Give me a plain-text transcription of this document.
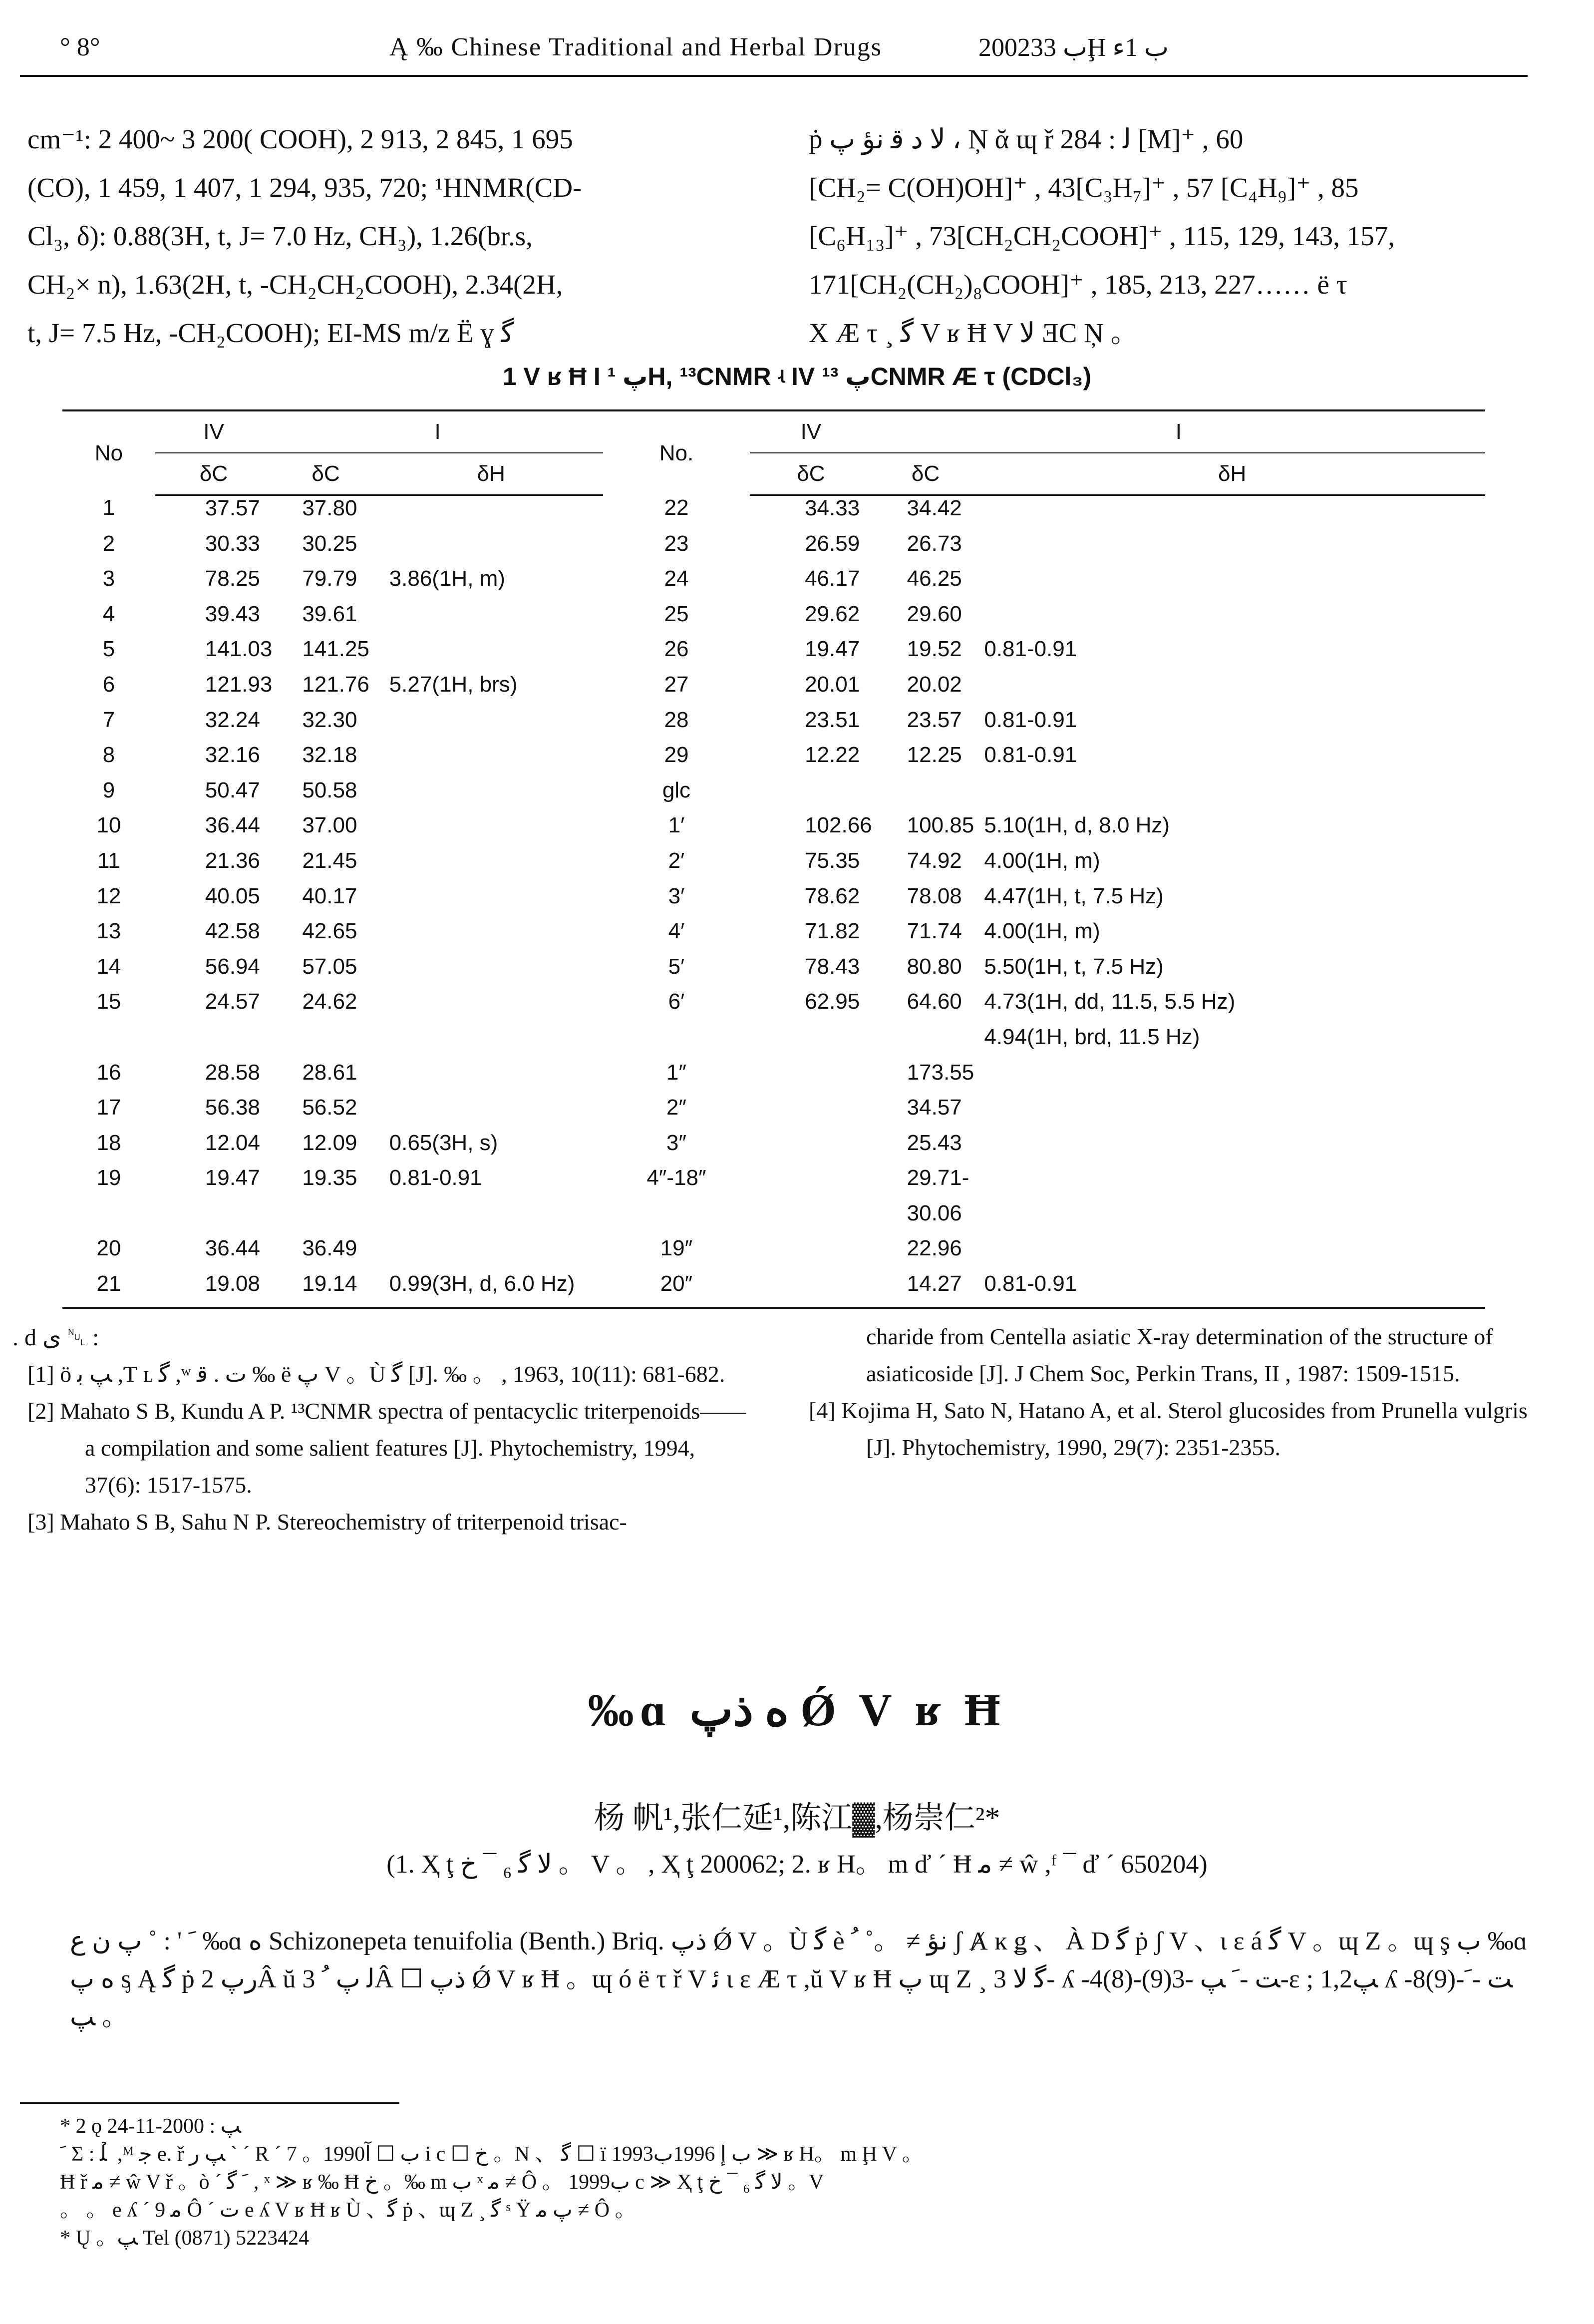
° 8°	Ą ‰ Chinese Traditional and Herbal Drugs	2002ب 33Ḩ ب 1ﺀ

cm⁻¹: 2 400~ 3 200( COOH), 2 913, 2 845, 1 695

(CO), 1 459, 1 407, 1 294, 935, 720; ¹HNMR(CD-

Cl₃, δ): 0.88(3H, t, J= 7.0 Hz, CH₃), 1.26(br.s,

CH₂× n), 1.63(2H, t, -CH₂CH₂COOH), 2.34(2H,

t, J= 7.5 Hz, -CH₂COOH); EI-MS m/z Ë ɣ ﮔ

ṗ ﻻ ﺩ ﻗ ﻧﺆ ﭖ ، Ņ ᾰ ɰ ř ﻟ : 284 [M]⁺ , 60

[CH₂= C(OH)OH]⁺ , 43[C₃H₇]⁺ , 57 [C₄H₉]⁺ , 85

[C₆H₁₃]⁺ , 73[CH₂CH₂COOH]⁺ , 115, 129, 143, 157,

171[CH₂(CH₂)₈COOH]⁺ , 185, 213, 227…… ë τ

X Æ τ ¸ ﮔ V ʁ Ħ V ﻻ ƎC Ņ 。

1 V ʁ Ħ I ﭖ ¹H, ¹³CNMR ʵ IV ﭖ ¹³CNMR Æ τ (CDCl₃)
No	IV	I		No.	IV	I	
	δC	δC	δH		δC	δC	δH
1	37.57	37.80		22	34.33	34.42	
2	30.33	30.25		23	26.59	26.73	
3	78.25	79.79	3.86(1H, m)	24	46.17	46.25	
4	39.43	39.61		25	29.62	29.60	
5	141.03	141.25		26	19.47	19.52	0.81-0.91
6	121.93	121.76	5.27(1H, brs)	27	20.01	20.02	
7	32.24	32.30		28	23.51	23.57	0.81-0.91
8	32.16	32.18		29	12.22	12.25	0.81-0.91
9	50.47	50.58		glc			
10	36.44	37.00		1′	102.66	100.85	5.10(1H, d, 8.0 Hz)
11	21.36	21.45		2′	75.35	74.92	4.00(1H, m)
12	40.05	40.17		3′	78.62	78.08	4.47(1H, t, 7.5 Hz)
13	42.58	42.65		4′	71.82	71.74	4.00(1H, m)
14	56.94	57.05		5′	78.43	80.80	5.50(1H, t, 7.5 Hz)
15	24.57	24.62		6′	62.95	64.60	4.73(1H, dd, 11.5, 5.5 Hz)
							4.94(1H, brd, 11.5 Hz)
16	28.58	28.61		1″		173.55	
17	56.38	56.52		2″		34.57	
18	12.04	12.09	0.65(3H, s)	3″		25.43	
19	19.47	19.35	0.81-0.91	4″-18″		29.71-	
						30.06	
20	36.44	36.49		19″		22.96	
21	19.08	19.14	0.99(3H, d, 6.0 Hz)	20″		14.27	0.81-0.91
. d ى ␀ :

[1] ö ﭗ ﺑ ,Ƭ ʟ ﮔ ,ʷ ﺕ . ﻗ ‰ ë ﭖ V 。Ù ﮔ [J]. ‰ 。 , 1963, 10(11): 681-682.

[2] Mahato S B, Kundu A P. ¹³CNMR spectra of pentacyclic triterpenoids—— a compilation and some salient features [J]. Phytochemistry, 1994, 37(6): 1517-1575.

[3] Mahato S B, Sahu N P. Stereochemistry of triterpenoid trisac-

charide from Centella asiatic X-ray determination of the structure of asiaticoside [J]. J Chem Soc, Perkin Trans, II , 1987: 1509-1515.

[4] Kojima H, Sato N, Hatano A, et al. Sterol glucosides from Prunella vulgris [J]. Phytochemistry, 1990, 29(7): 2351-2355.

‰ɑ ﻩ ﺫﭖ Ǿ V ʁ Ħ
杨 帆¹,张仁延¹,陈江▓,杨崇仁²*
(1. Ҳ ţ ﻻ ﮔ ₆ ¯ ﺥ 。 V 。 , Ҳ ţ 200062; 2. ʁ H。 m ď ´ Ħ ﻣ ≠ ŵ ,ᶠ ¯ ď ´ 650204)
ﹶ ' : ˚ ﭖ ﻥ ﻉ ‰ɑ ﻩ Schizonepeta tenuifolia (Benth.) Briq. ﺫﭖ Ǿ V 。Ù ﮔ è ﻧﺆ ≠ 。˚ ﹸ ʃ Ⱥ ĸ ǥ 、 À D ﮔ ṗ ʃ V 、ɩ ε á ﮔ V 。ɰ Z 。ɰ ş ﺏ ‰ɑ ﻩ ﭖ ᶊ Ą ﮔ ṗ ﺭﭖ 2Â ŭ ﻟ ﭖ ﹸ 3Â ☐ ﺫﭖ Ǿ V ʁ Ħ 。ɰ ó ë τ ř V ﺋ ɩ ε Æ τ ,ŭ V ʁ Ħ ﭖ ɰ Z ¸ ﮔ ﻻ 3- ʎ -4(8)-ﺖ -ﹶ ﭗ -3(9)-ɛ ; 1,2ﭗ ʎ -8(9)-ﺖ -ﹶ ﭗ 。

* 2 ǫ ﭗ : 2000-11-24

ﹶ Ʃ : ﻠ ̉ ,ᴹ ﺟ e. ř ﭗ ﺭ ` ˊ R ´ 7 。1990ب ☐ ﺁ i c ☐ ﺥ 。N 、 ﮔ ☐ ï 1993ب ﺇ 1996ب ≫ ʁ H。 m Ḩ V 。

Ħ ř ﻣ ≠ ŵ V ř 。ò ˊ ﹶ ﮔ , ˣ ≫ ʁ ‰ Ħ ﺥ 。‰ m ﺏ ˣ ﻣ ≠ Ô 。 1999ب c ≫ Ҳ ţ ﻻ ﮔ ₆ ¯ ﺥ 。V

。 。 e ʎ ´ ﻣ 9 Ô ˊ ﺕ e ʎ V ʁ Ħ ʁ Ù 、ﮔ ṗ 、ɰ Z ¸ ﮔ ˢ Ÿ ﭖ ﻣ ≠ Ô 。

* Ų 。ﭗ Tel (0871) 5223424
